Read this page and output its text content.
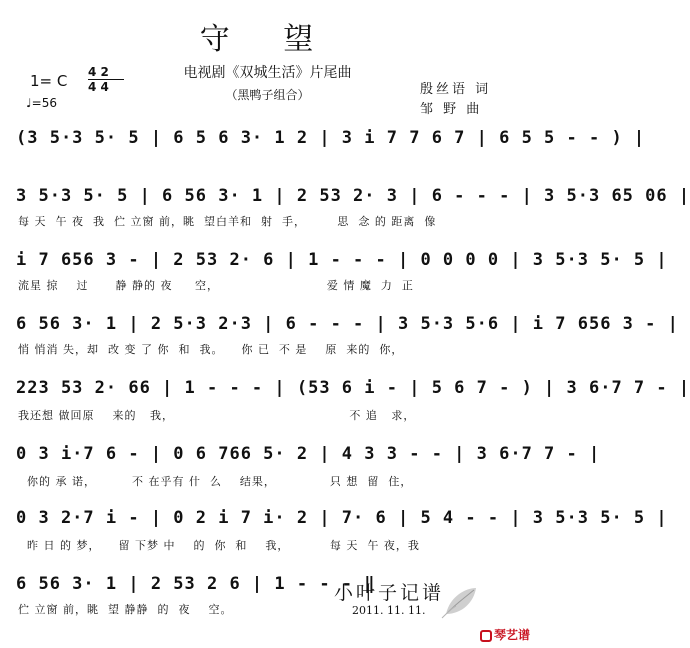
守 望
电视剧《双城生活》片尾曲
（黑鸭子组合）	殷丝语 词
邹 野 曲
1= C 4 2
4 4
♩=56
(3 5·3 5· 5 | 6 5 6 3· 1 2 | 3 i 7 7 6 7 | 6 5 5 - - ) |
3 5·3 5· 5 | 6 56 3· 1 | 2 53 2· 3 | 6 - - - | 3 5·3 65 06 |
每 天  午 夜  我  伫 立窗 前，眺  望白羊和  射  手，       思  念 的 距离  像
i 7 656 3 - | 2 53 2· 6 | 1 - - - | 0 0 0 0 | 3 5·3 5· 5 |
流星 掠    过      静 静的 夜     空，                        爱 情 魔  力  正
6 56 3· 1 | 2 5·3 2·3 | 6 - - - | 3 5·3 5·6 | i 7 656 3 - |
悄 悄消 失，却  改 变 了 你  和  我。    你 已  不 是    原  来的  你，
223 53 2· 66 | 1 - - - | (53 6 i - | 5 6 7 - ) | 3 6·7 7 - |
我还想 做回原    来的   我，                                       不 追   求，
0 3 i·7 6 - | 0 6 766 5· 2 | 4 3 3 - - | 3 6·7 7 - |
你的 承 诺，        不 在乎有 什  么    结果，            只 想  留  住，
0 3 2·7 i - | 0 2 i 7 i· 2 | 7· 6 | 5 4 - - | 3 5·3 5· 5 |
昨 日 的 梦，    留 下梦 中    的  你  和    我，         每 天  午 夜，我
6 56 3· 1 | 2 53 2 6 | 1 - - - ‖
伫 立窗 前，眺  望 静静  的  夜    空。
小叶子记谱
2011. 11. 11.
琴艺谱
